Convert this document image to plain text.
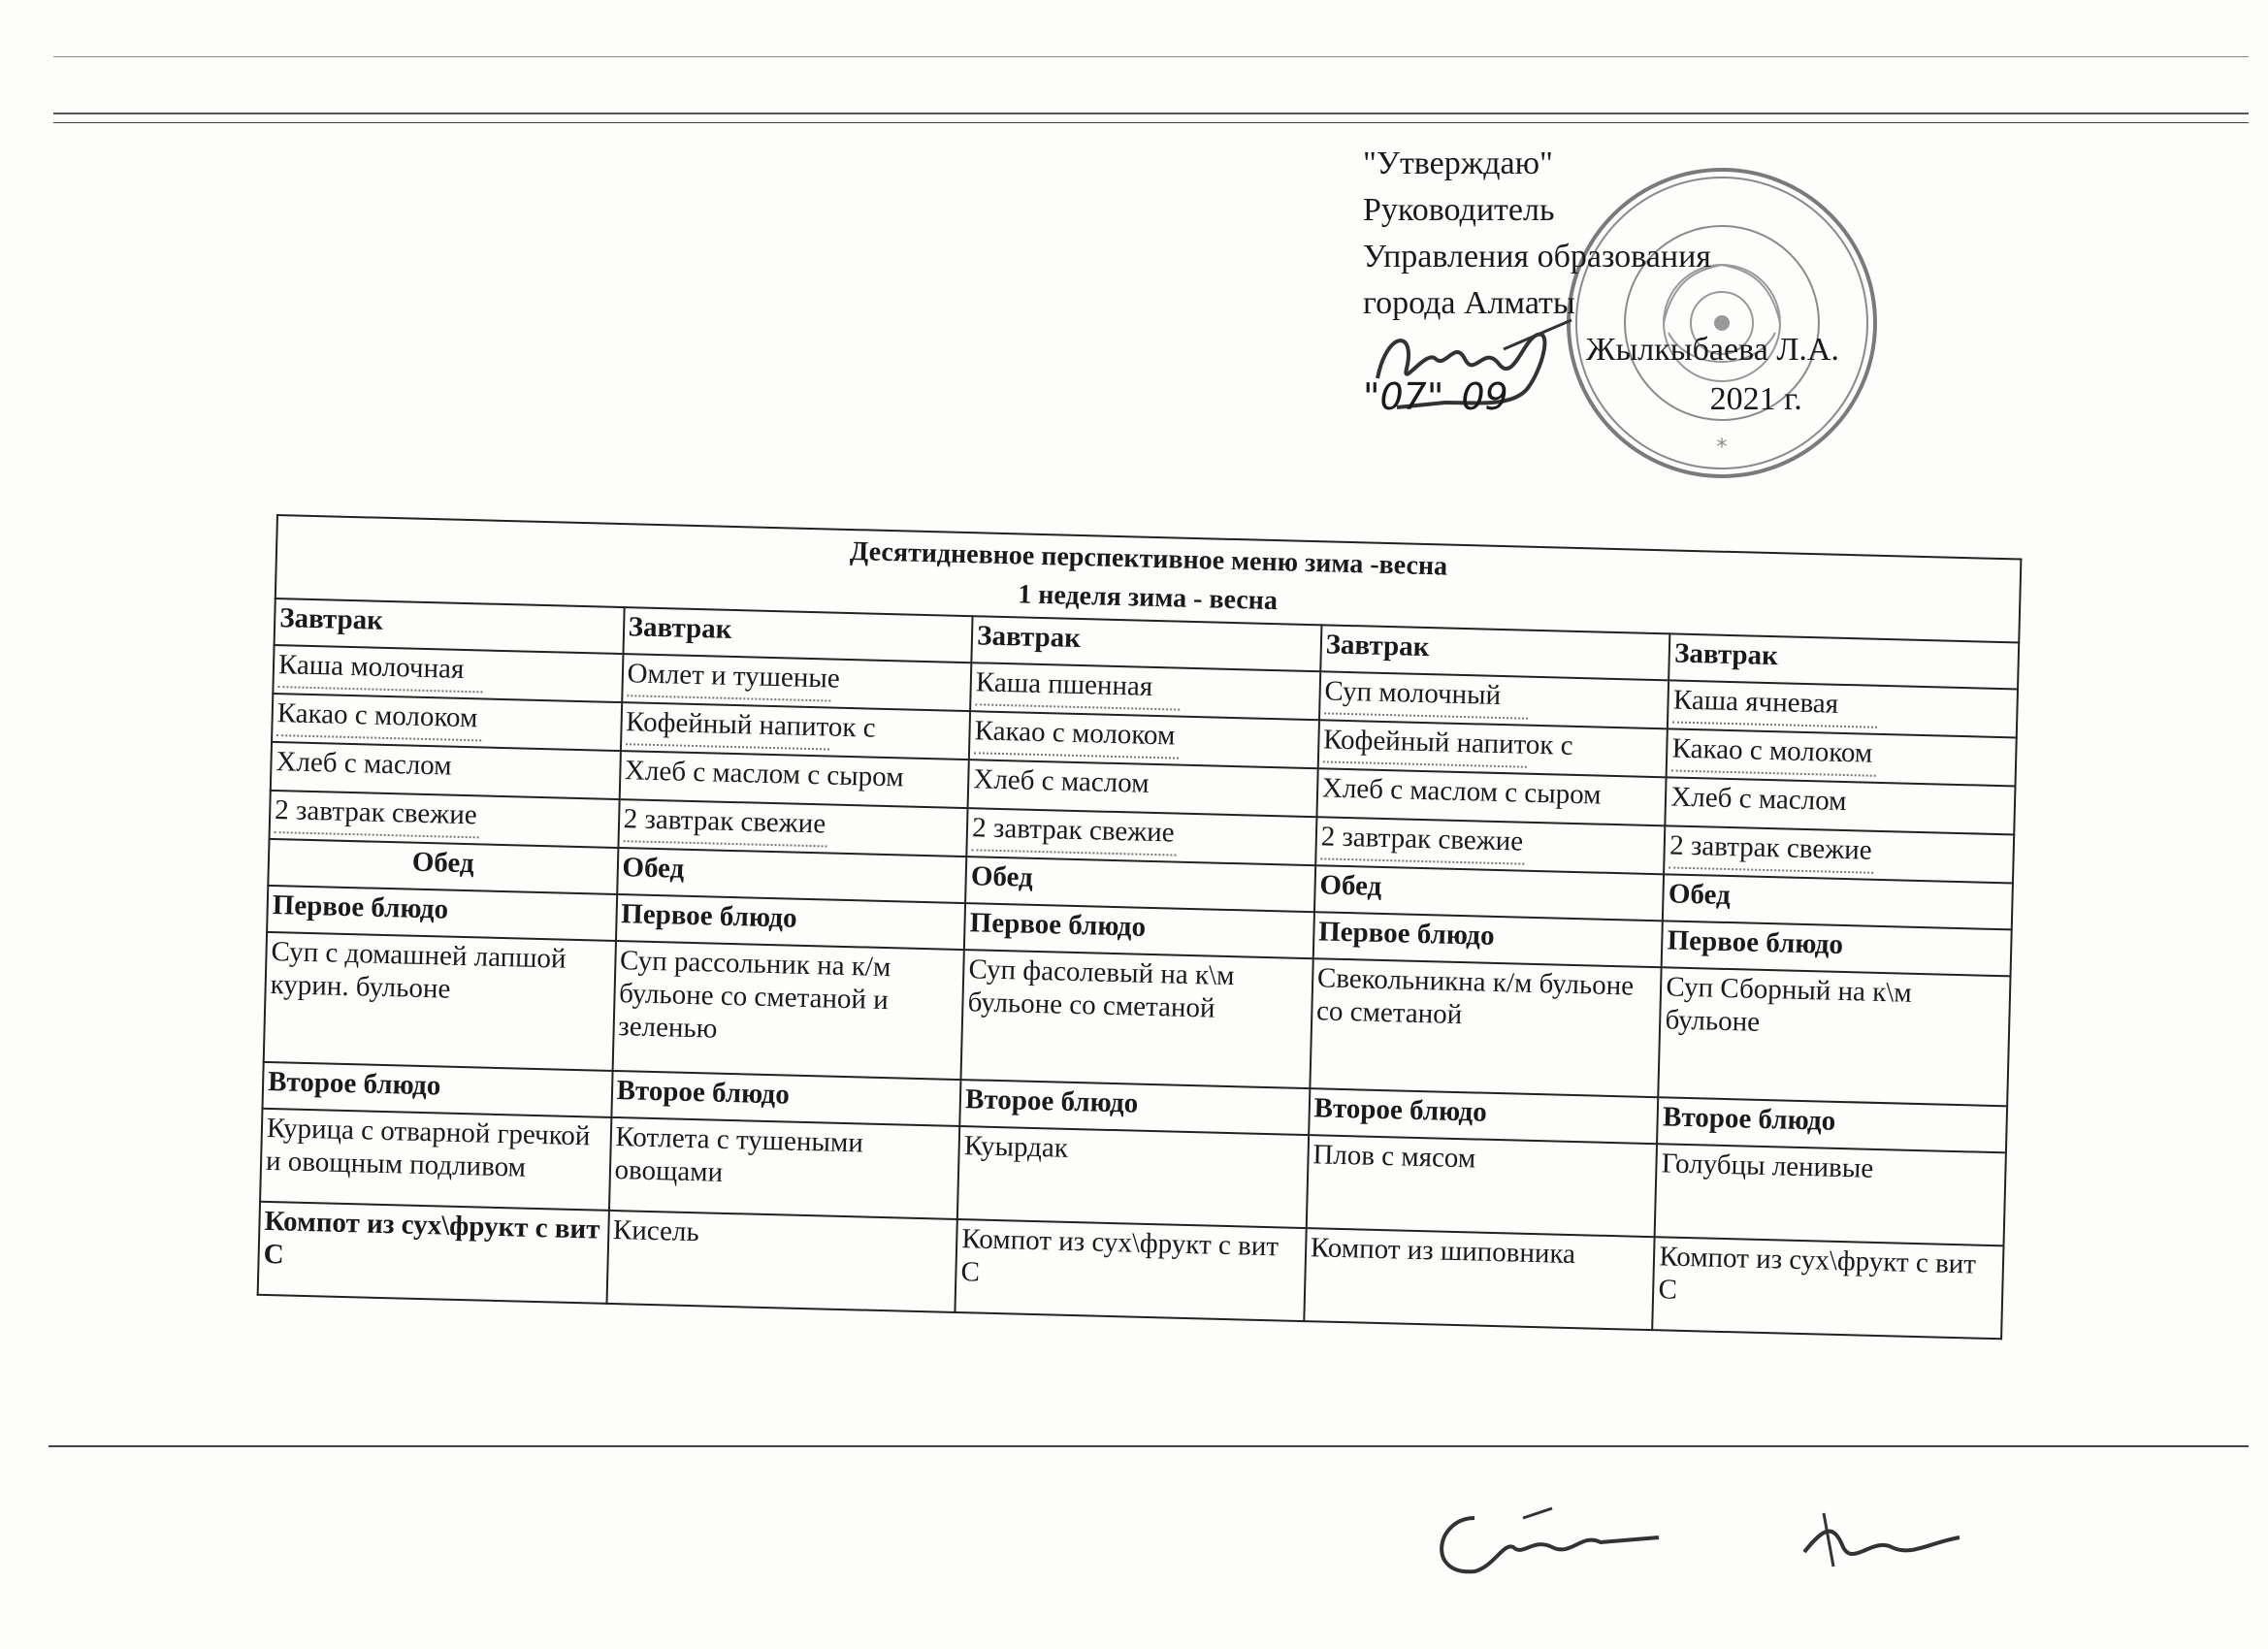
*
"Утверждаю"
Руководитель
Управления образования
города Алматы
Жылкыбаева Л.А.
"07" 09	2021 г.
Десятидневное перспективное меню зима -весна
1 неделя зима - весна
Завтрак	Завтрак	Завтрак	Завтрак	Завтрак
Каша молочная	Омлет и тушеные	Каша пшенная	Суп молочный	Каша ячневая
Какао с молоком	Кофейный напиток с	Какао с молоком	Кофейный напиток с	Какао с молоком
Хлеб с маслом	Хлеб с маслом с сыром	Хлеб с маслом	Хлеб с маслом с сыром	Хлеб с маслом
2 завтрак свежие	2 завтрак свежие	2 завтрак свежие	2 завтрак свежие	2 завтрак свежие
Обед	Обед	Обед	Обед	Обед
Первое блюдо	Первое блюдо	Первое блюдо	Первое блюдо	Первое блюдо
Суп с домашней лапшой курин. бульоне	Суп рассольник на к/м бульоне со сметаной и зеленью	Суп фасолевый на к\м бульоне со сметаной	Свекольникна к/м бульоне со сметаной	Суп Сборный на к\м бульоне
Второе блюдо	Второе блюдо	Второе блюдо	Второе блюдо	Второе блюдо
Курица с отварной гречкой и овощным подливом	Котлета с тушеными овощами	Куырдак	Плов с мясом	Голубцы ленивые
Компот из сух\фрукт с вит С	Кисель	Компот из сух\фрукт с вит С	Компот из шиповника	Компот из сух\фрукт с вит С
